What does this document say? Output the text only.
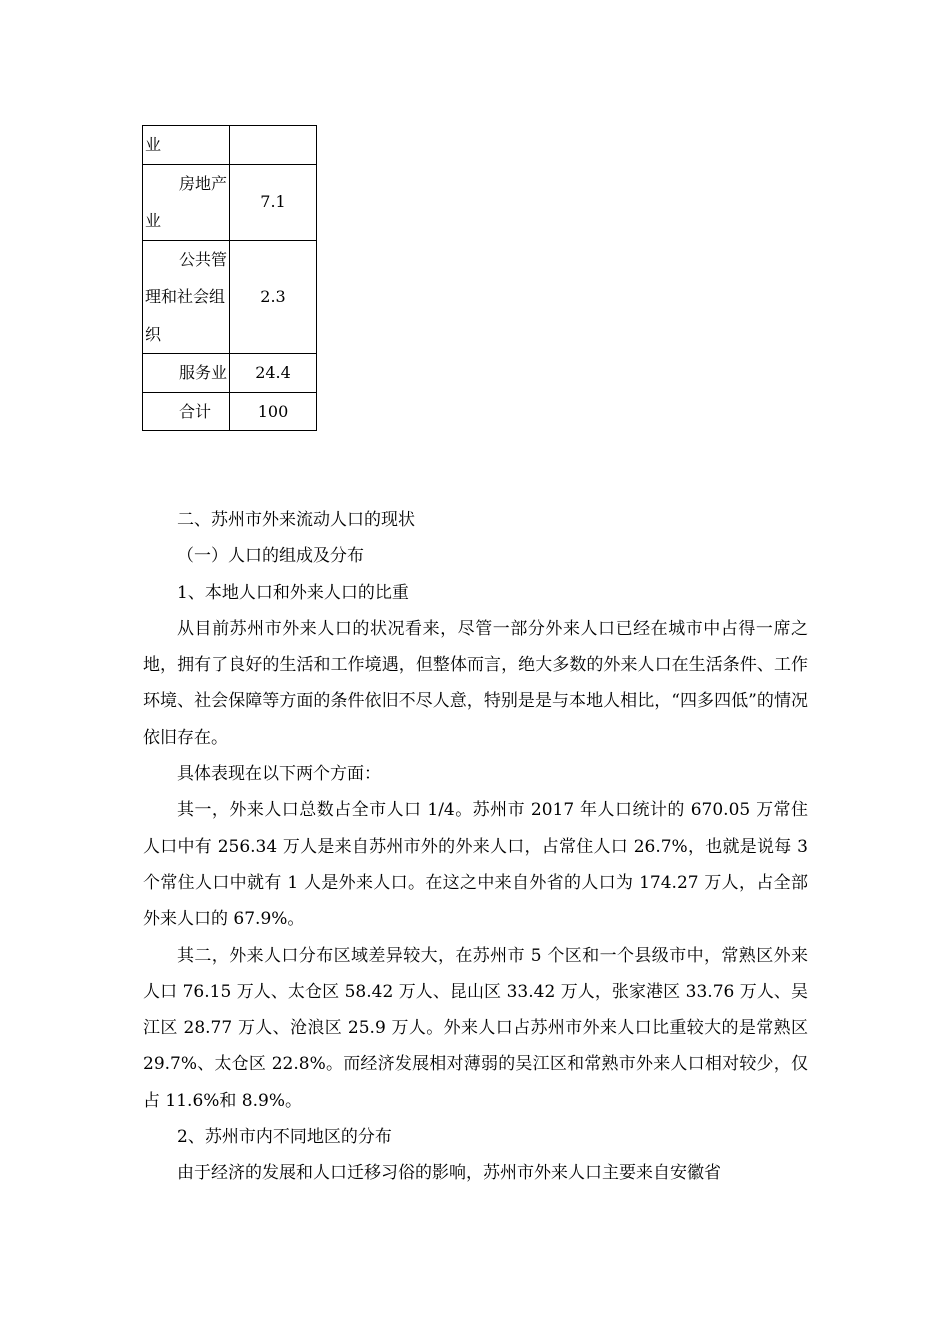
业	

房地产业	7.1

公共管理和社会组织	2.3

服务业	24.4

合计	100
二、苏州市外来流动人口的现状
（一）人口的组成及分布
1、本地人口和外来人口的比重
从目前苏州市外来人口的状况看来，尽管一部分外来人口已经在城市中占得一席之地，拥有了良好的生活和工作境遇，但整体而言，绝大多数的外来人口在生活条件、工作环境、社会保障等方面的条件依旧不尽人意，特别是是与本地人相比，“四多四低”的情况依旧存在。
具体表现在以下两个方面：
其一，外来人口总数占全市人口 1/4。苏州市 2017 年人口统计的 670.05 万常住人口中有 256.34 万人是来自苏州市外的外来人口，占常住人口 26.7%，也就是说每 3 个常住人口中就有 1 人是外来人口。在这之中来自外省的人口为 174.27 万人，占全部外来人口的 67.9%。
其二，外来人口分布区域差异较大，在苏州市 5 个区和一个县级市中，常熟区外来人口 76.15 万人、太仓区 58.42 万人、昆山区 33.42 万人，张家港区 33.76 万人、吴江区 28.77 万人、沧浪区 25.9 万人。外来人口占苏州市外来人口比重较大的是常熟区 29.7%、太仓区 22.8%。而经济发展相对薄弱的吴江区和常熟市外来人口相对较少，仅占 11.6%和 8.9%。
2、苏州市内不同地区的分布
由于经济的发展和人口迁移习俗的影响，苏州市外来人口主要来自安徽省
